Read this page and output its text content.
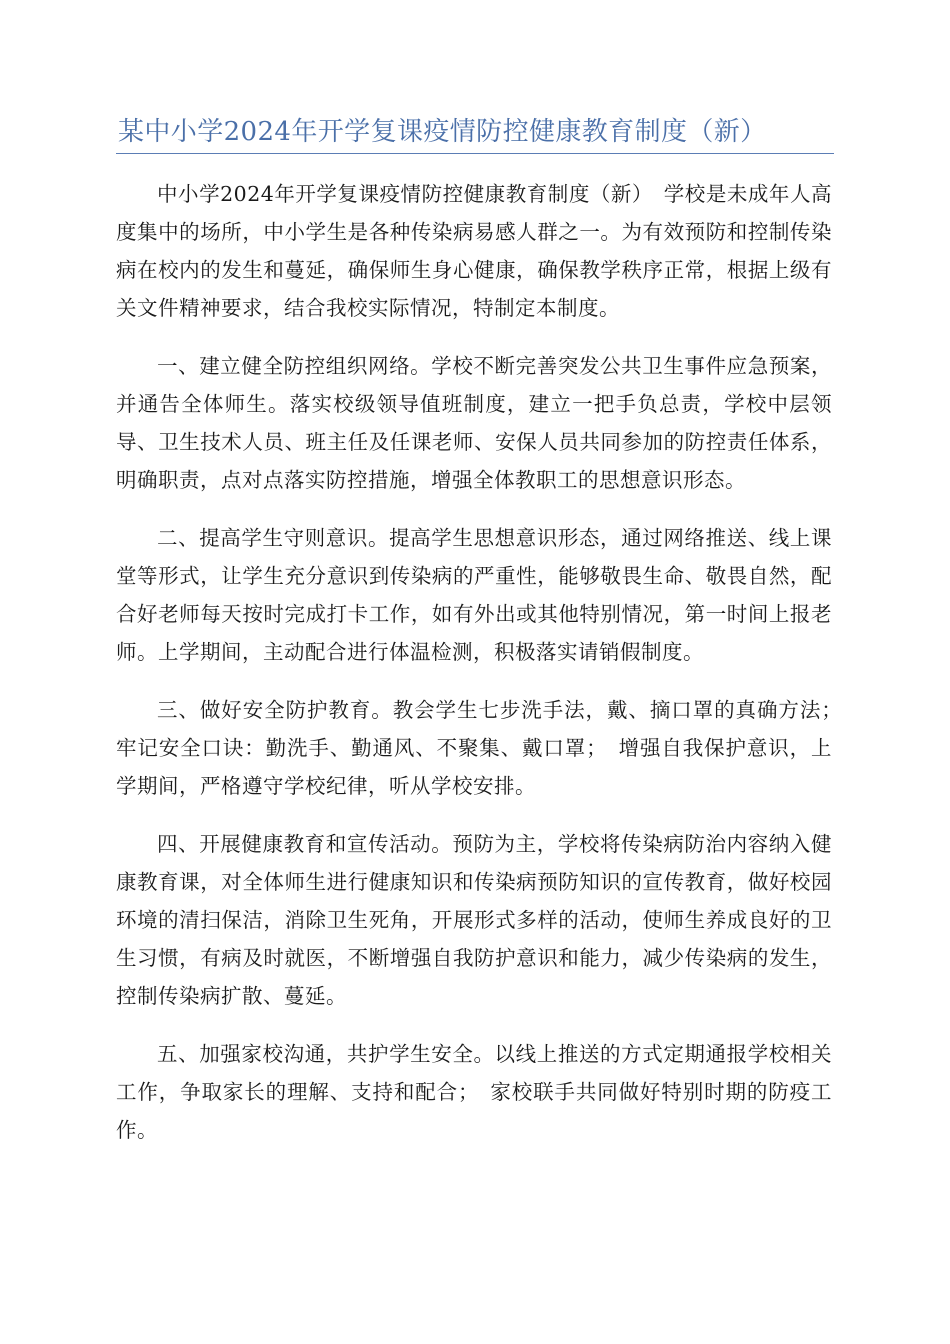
某中小学2024年开学复课疫情防控健康教育制度（新）

中小学2024年开学复课疫情防控健康教育制度（新）　学校是未成年人高度集中的场所，中小学生是各种传染病易感人群之一。为有效预防和控制传染病在校内的发生和蔓延，确保师生身心健康，确保教学秩序正常，根据上级有关文件精神要求，结合我校实际情况，特制定本制度。

一、建立健全防控组织网络。学校不断完善突发公共卫生事件应急预案，并通告全体师生。落实校级领导值班制度，建立一把手负总责，学校中层领导、卫生技术人员、班主任及任课老师、安保人员共同参加的防控责任体系，明确职责，点对点落实防控措施，增强全体教职工的思想意识形态。

二、提高学生守则意识。提高学生思想意识形态，通过网络推送、线上课堂等形式，让学生充分意识到传染病的严重性，能够敬畏生命、敬畏自然，配合好老师每天按时完成打卡工作，如有外出或其他特别情况，第一时间上报老师。上学期间，主动配合进行体温检测，积极落实请销假制度。

三、做好安全防护教育。教会学生七步洗手法，戴、摘口罩的真确方法；　牢记安全口诀：勤洗手、勤通风、不聚集、戴口罩；　增强自我保护意识，上学期间，严格遵守学校纪律，听从学校安排。

四、开展健康教育和宣传活动。预防为主，学校将传染病防治内容纳入健康教育课，对全体师生进行健康知识和传染病预防知识的宣传教育，做好校园环境的清扫保洁，消除卫生死角，开展形式多样的活动，使师生养成良好的卫生习惯，有病及时就医，不断增强自我防护意识和能力，减少传染病的发生，控制传染病扩散、蔓延。

五、加强家校沟通，共护学生安全。以线上推送的方式定期通报学校相关工作，争取家长的理解、支持和配合；　家校联手共同做好特别时期的防疫工作。
